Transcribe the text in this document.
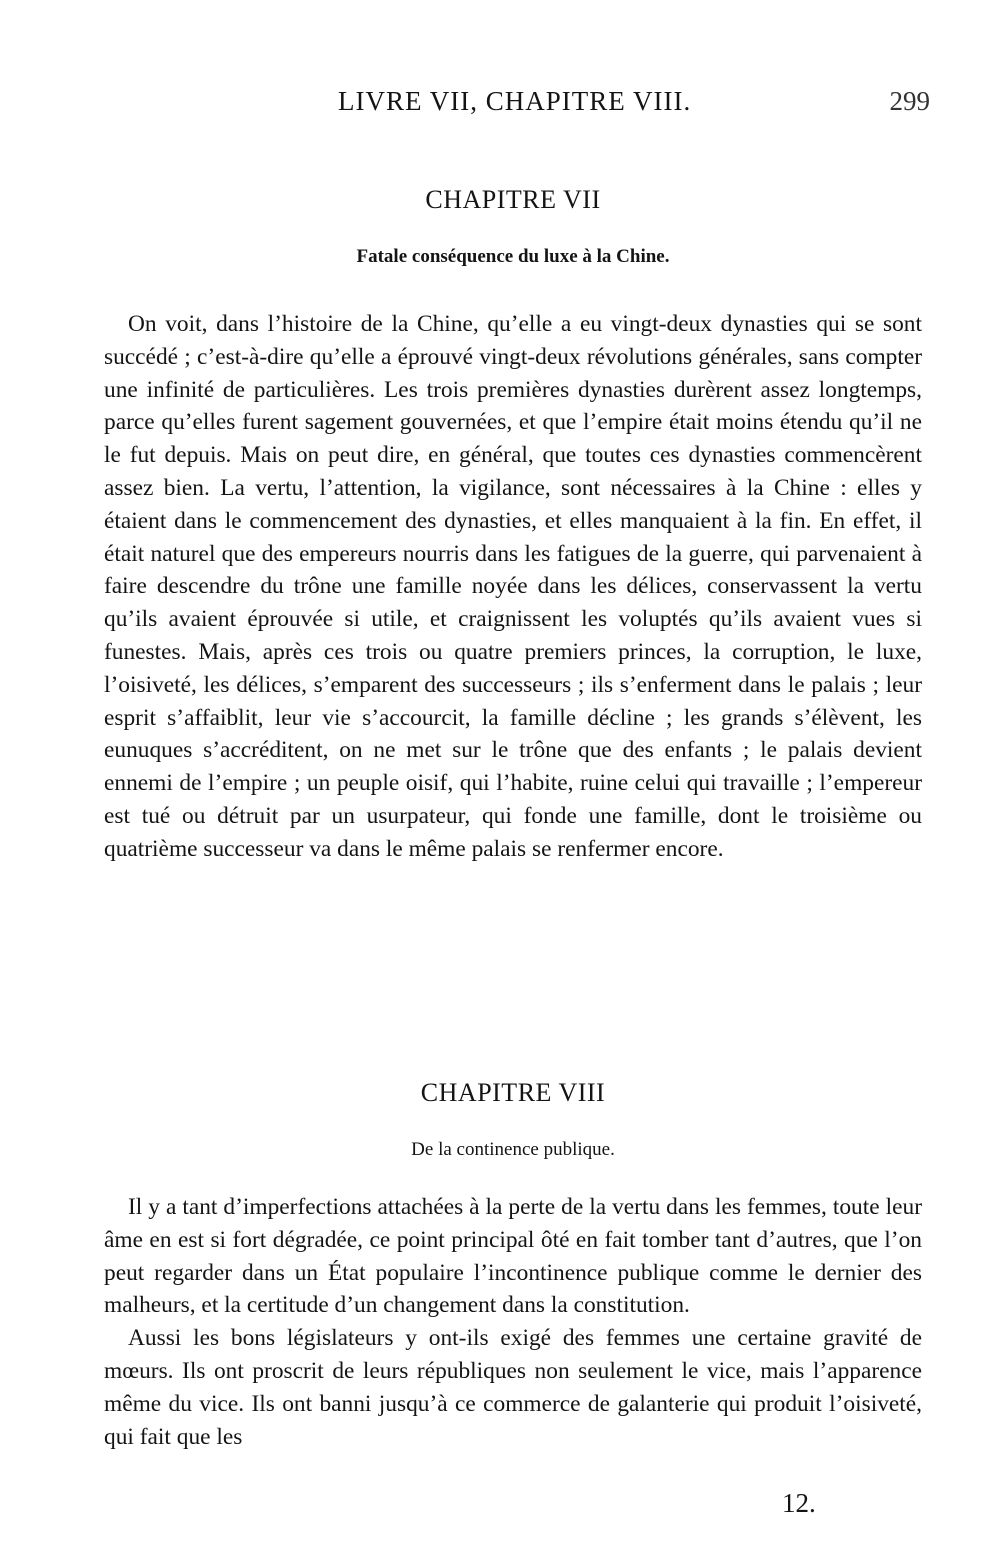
LIVRE VII, CHAPITRE VIII.	299
CHAPITRE VII
Fatale conséquence du luxe à la Chine.

On voit, dans l’histoire de la Chine, qu’elle a eu vingt-deux dynasties qui se sont succédé ; c’est-à-dire qu’elle a éprouvé vingt-deux révolutions générales, sans compter une infinité de particulières. Les trois premières dynasties durèrent assez longtemps, parce qu’elles furent sagement gouvernées, et que l’empire était moins étendu qu’il ne le fut depuis. Mais on peut dire, en général, que toutes ces dynasties commencèrent assez bien. La vertu, l’attention, la vigilance, sont nécessaires à la Chine : elles y étaient dans le commencement des dynasties, et elles manquaient à la fin. En effet, il était naturel que des empereurs nourris dans les fatigues de la guerre, qui parvenaient à faire descendre du trône une famille noyée dans les délices, conservassent la vertu qu’ils avaient éprouvée si utile, et craignissent les voluptés qu’ils avaient vues si funestes. Mais, après ces trois ou quatre premiers princes, la corruption, le luxe, l’oisiveté, les délices, s’emparent des successeurs ; ils s’enferment dans le palais ; leur esprit s’affaiblit, leur vie s’accourcit, la famille décline ; les grands s’élèvent, les eunuques s’accréditent, on ne met sur le trône que des enfants ; le palais devient ennemi de l’empire ; un peuple oisif, qui l’habite, ruine celui qui travaille ; l’empereur est tué ou détruit par un usurpateur, qui fonde une famille, dont le troisième ou quatrième successeur va dans le même palais se renfermer encore.

CHAPITRE VIII
De la continence publique.

Il y a tant d’imperfections attachées à la perte de la vertu dans les femmes, toute leur âme en est si fort dégradée, ce point principal ôté en fait tomber tant d’autres, que l’on peut regarder dans un État populaire l’incontinence publique comme le dernier des malheurs, et la certitude d’un changement dans la constitution.

Aussi les bons législateurs y ont-ils exigé des femmes une certaine gravité de mœurs. Ils ont proscrit de leurs républiques non seulement le vice, mais l’apparence même du vice. Ils ont banni jusqu’à ce commerce de galanterie qui produit l’oisiveté, qui fait que les

12.
